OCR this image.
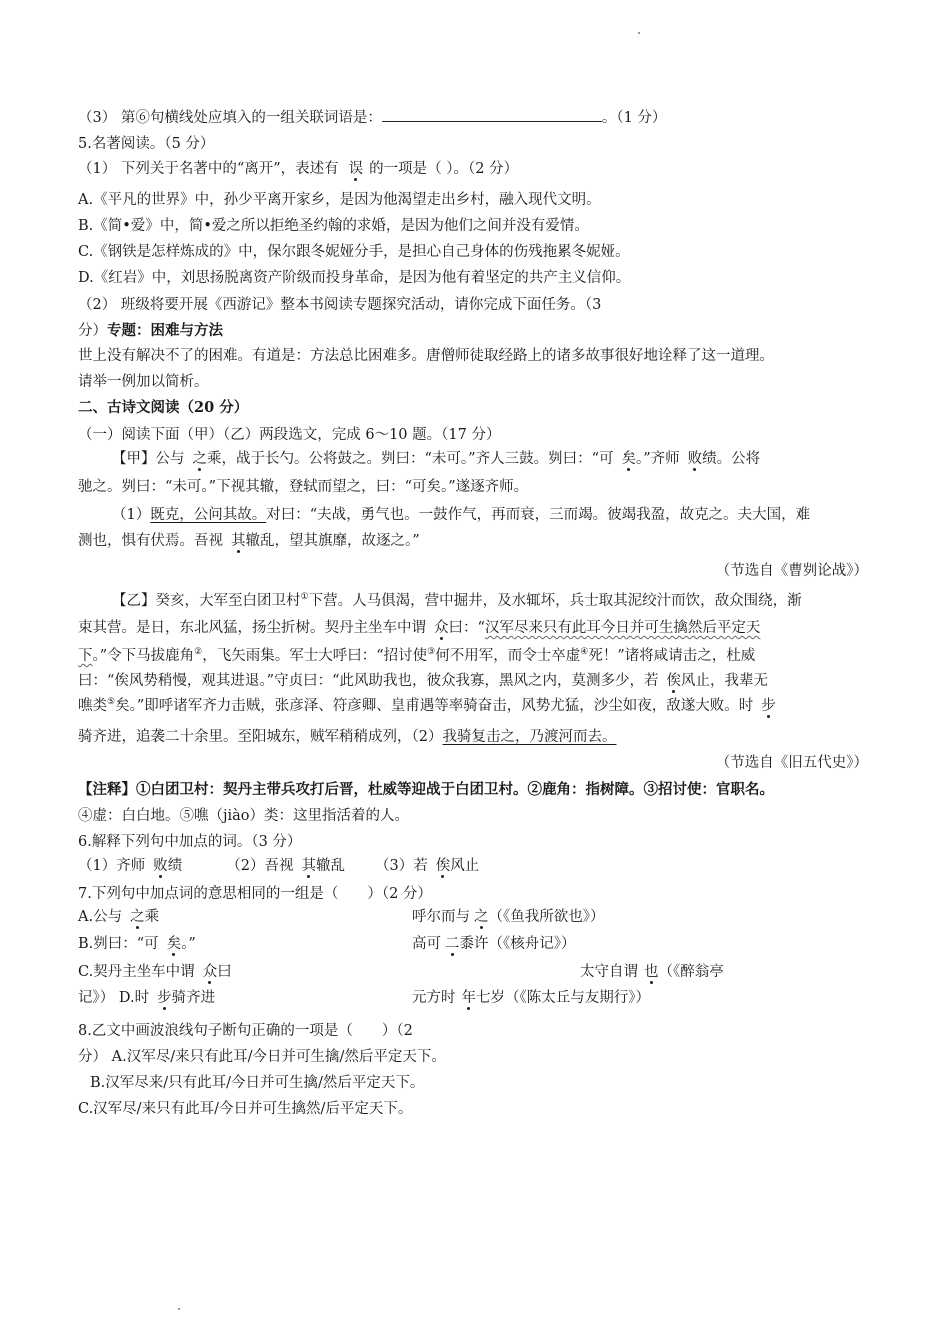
（3） 第⑥句横线处应填入的一组关联词语是：	。（1 分）
5.名著阅读。（5 分）
（1） 下列关于名著中的“离开”，表述有 误 的一项是（ ）。（2 分）
A.《平凡的世界》中，孙少平离开家乡，是因为他渴望走出乡村，融入现代文明。
B.《简•爱》中，简•爱之所以拒绝圣约翰的求婚，是因为他们之间并没有爱情。
C.《钢铁是怎样炼成的》中，保尔跟冬妮娅分手，是担心自己身体的伤残拖累冬妮娅。
D.《红岩》中，刘思扬脱离资产阶级而投身革命，是因为他有着坚定的共产主义信仰。
（2） 班级将要开展《西游记》整本书阅读专题探究活动，请你完成下面任务。（3
分）专题：困难与方法
世上没有解决不了的困难。有道是：方法总比困难多。唐僧师徒取经路上的诸多故事很好地诠释了这一道理。
请举一例加以简析。
二、古诗文阅读（20 分）
（一）阅读下面（甲）（乙）两段选文，完成 6～10 题。（17 分）
【甲】公与 之乘，战于长勺。公将鼓之。刿曰：“未可。”齐人三鼓。刿曰：“可 矣。”齐师 败绩。公将
驰之。刿曰：“未可。”下视其辙，登轼而望之，曰：“可矣。”遂逐齐师。
（1）既克，公问其故。对曰：“夫战，勇气也。一鼓作气，再而衰，三而竭。彼竭我盈，故克之。夫大国，难
测也，惧有伏焉。吾视 其辙乱，望其旗靡，故逐之。”
（节选自《曹刿论战》）
【乙】癸亥，大军至白团卫村①下营。人马俱渴，营中掘井，及水辄坏，兵士取其泥绞汁而饮，敌众围绕，渐
束其营。是日，东北风猛，扬尘折树。契丹主坐车中谓 众曰：“汉军尽来只有此耳今日并可生擒然后平定天
下。”令下马拔鹿角②，飞矢雨集。军士大呼曰：“招讨使③何不用军，而令士卒虚④死！”诸将咸请击之，杜威
曰：“俟风势稍慢，观其进退。”守贞曰：“此风助我也，彼众我寡，黑风之内，莫测多少，若 俟风止，我辈无
噍类⑤矣。”即呼诸军齐力击贼，张彦泽、符彦卿、皇甫遇等率骑奋击，风势尤猛，沙尘如夜，敌遂大败。时 步
骑齐进，追袭二十余里。至阳城东，贼军稍稍成列，（2）我骑复击之，乃渡河而去。
（节选自《旧五代史》）
【注释】①白团卫村：契丹主带兵攻打后晋，杜威等迎战于白团卫村。②鹿角：指树障。③招讨使：官职名。
④虚：白白地。⑤噍（jiào）类：这里指活着的人。
6.解释下列句中加点的词。（3 分）
（1）齐师 败绩	（2）吾视 其辙乱 （3）若 俟风止
7.下列句中加点词的意思相同的一组是（　　）（2 分）
A.公与 之乘	呼尔而与 之（《鱼我所欲也》）
B.刿曰：“可 矣。”	高可 二黍许（《核舟记》）
C.契丹主坐车中谓 众曰	太守自谓 也（《醉翁亭
记》） D.时 步骑齐进	元方时 年七岁（《陈太丘与友期行》）
8.乙文中画波浪线句子断句正确的一项是（　　）（2
分） A.汉军尽/来只有此耳/今日并可生擒/然后平定天下。
B.汉军尽来/只有此耳/今日并可生擒/然后平定天下。
C.汉军尽/来只有此耳/今日并可生擒然/后平定天下。
